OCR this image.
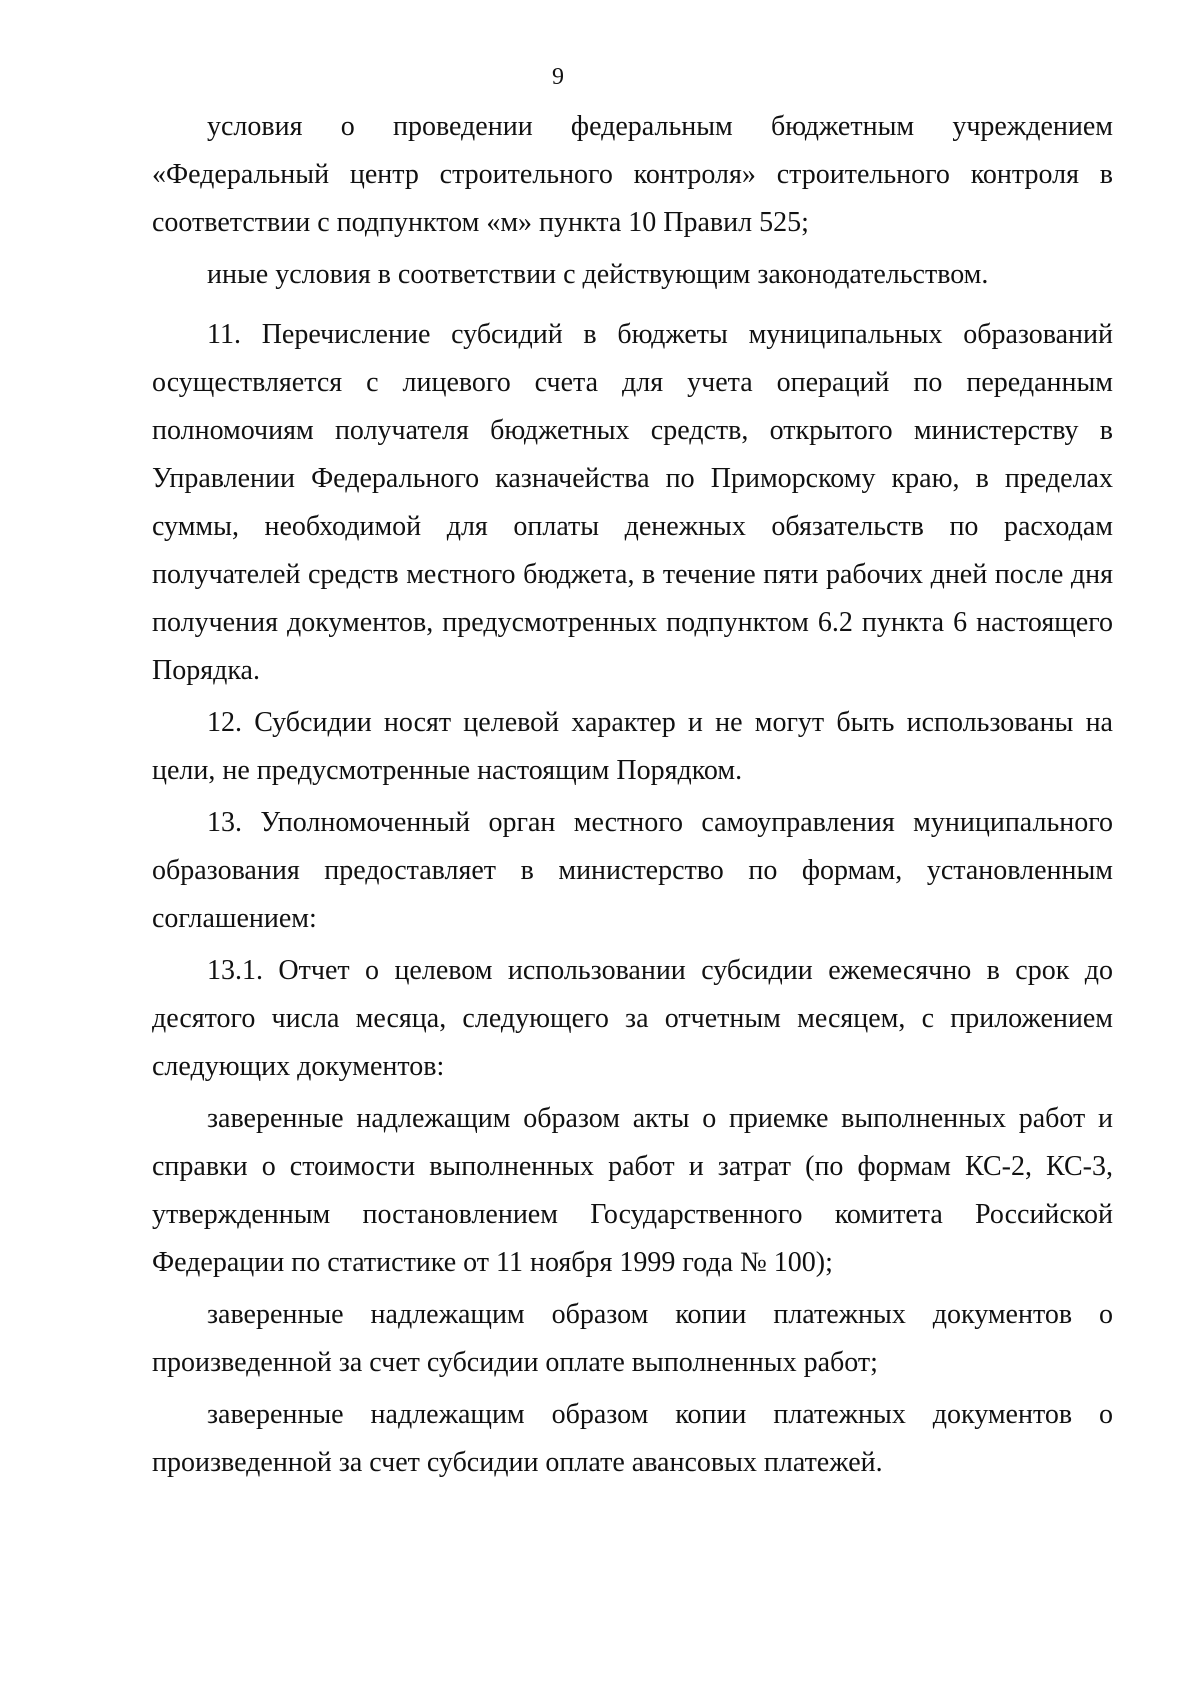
9

условия о проведении федеральным бюджетным учреждением «Федеральный центр строительного контроля» строительного контроля в соответствии с подпунктом «м» пункта 10 Правил 525;

иные условия в соответствии с действующим законодательством.

11. Перечисление субсидий в бюджеты муниципальных образований осуществляется с лицевого счета для учета операций по переданным полномочиям получателя бюджетных средств, открытого министерству в Управлении Федерального казначейства по Приморскому краю, в пределах суммы, необходимой для оплаты денежных обязательств по расходам получателей средств местного бюджета, в течение пяти рабочих дней после дня получения документов, предусмотренных подпунктом 6.2 пункта 6 настоящего Порядка.

12. Субсидии носят целевой характер и не могут быть использованы на цели, не предусмотренные настоящим Порядком.

13. Уполномоченный орган местного самоуправления муниципального образования предоставляет в министерство по формам, установленным соглашением:

13.1. Отчет о целевом использовании субсидии ежемесячно в срок до десятого числа месяца, следующего за отчетным месяцем, с приложением следующих документов:

заверенные надлежащим образом акты о приемке выполненных работ и справки о стоимости выполненных работ и затрат (по формам КС-2, КС-3, утвержденным постановлением Государственного комитета Российской Федерации по статистике от 11 ноября 1999 года № 100);

заверенные надлежащим образом копии платежных документов о произведенной за счет субсидии оплате выполненных работ;

заверенные надлежащим образом копии платежных документов о произведенной за счет субсидии оплате авансовых платежей.
